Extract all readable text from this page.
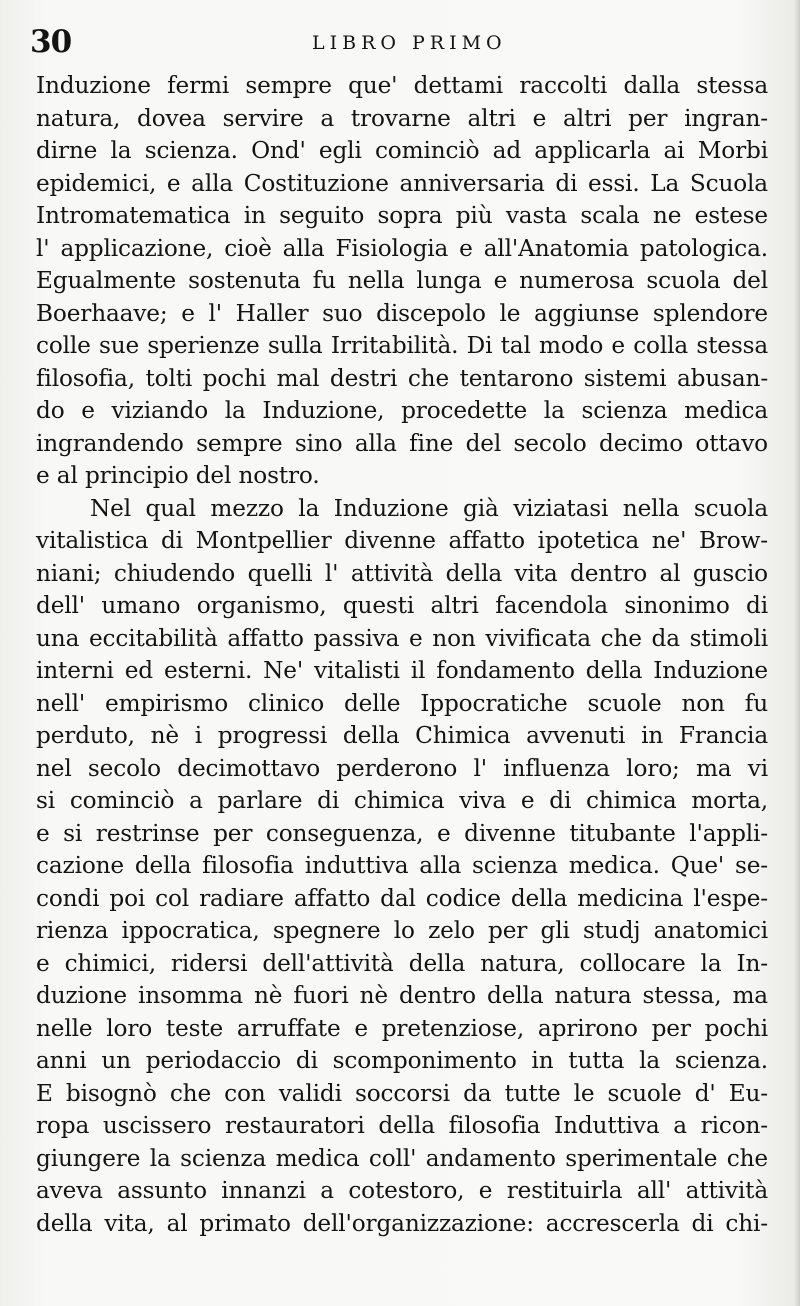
30	LIBRO PRIMO
Induzione fermi sempre que' dettami raccolti dalla stessa
natura, dovea servire a trovarne altri e altri per ingran-
dirne la scienza. Ond' egli cominciò ad applicarla ai Morbi
epidemici, e alla Costituzione anniversaria di essi. La Scuola
Intromatematica in seguito sopra più vasta scala ne estese
l' applicazione, cioè alla Fisiologia e all'Anatomia patologica.
Egualmente sostenuta fu nella lunga e numerosa scuola del
Boerhaave; e l' Haller suo discepolo le aggiunse splendore
colle sue sperienze sulla Irritabilità. Di tal modo e colla stessa
filosofia, tolti pochi mal destri che tentarono sistemi abusan-
do e viziando la Induzione, procedette la scienza medica
ingrandendo sempre sino alla fine del secolo decimo ottavo
e al principio del nostro.
Nel qual mezzo la Induzione già viziatasi nella scuola
vitalistica di Montpellier divenne affatto ipotetica ne' Brow-
niani; chiudendo quelli l' attività della vita dentro al guscio
dell' umano organismo, questi altri facendola sinonimo di
una eccitabilità affatto passiva e non vivificata che da stimoli
interni ed esterni. Ne' vitalisti il fondamento della Induzione
nell' empirismo clinico delle Ippocratiche scuole non fu
perduto, nè i progressi della Chimica avvenuti in Francia
nel secolo decimottavo perderono l' influenza loro; ma vi
si cominciò a parlare di chimica viva e di chimica morta,
e si restrinse per conseguenza, e divenne titubante l'appli-
cazione della filosofia induttiva alla scienza medica. Que' se-
condi poi col radiare affatto dal codice della medicina l'espe-
rienza ippocratica, spegnere lo zelo per gli studj anatomici
e chimici, ridersi dell'attività della natura, collocare la In-
duzione insomma nè fuori nè dentro della natura stessa, ma
nelle loro teste arruffate e pretenziose, aprirono per pochi
anni un periodaccio di scomponimento in tutta la scienza.
E bisognò che con validi soccorsi da tutte le scuole d' Eu-
ropa uscissero restauratori della filosofia Induttiva a ricon-
giungere la scienza medica coll' andamento sperimentale che
aveva assunto innanzi a cotestoro, e restituirla all' attività
della vita, al primato dell'organizzazione: accrescerla di chi-
